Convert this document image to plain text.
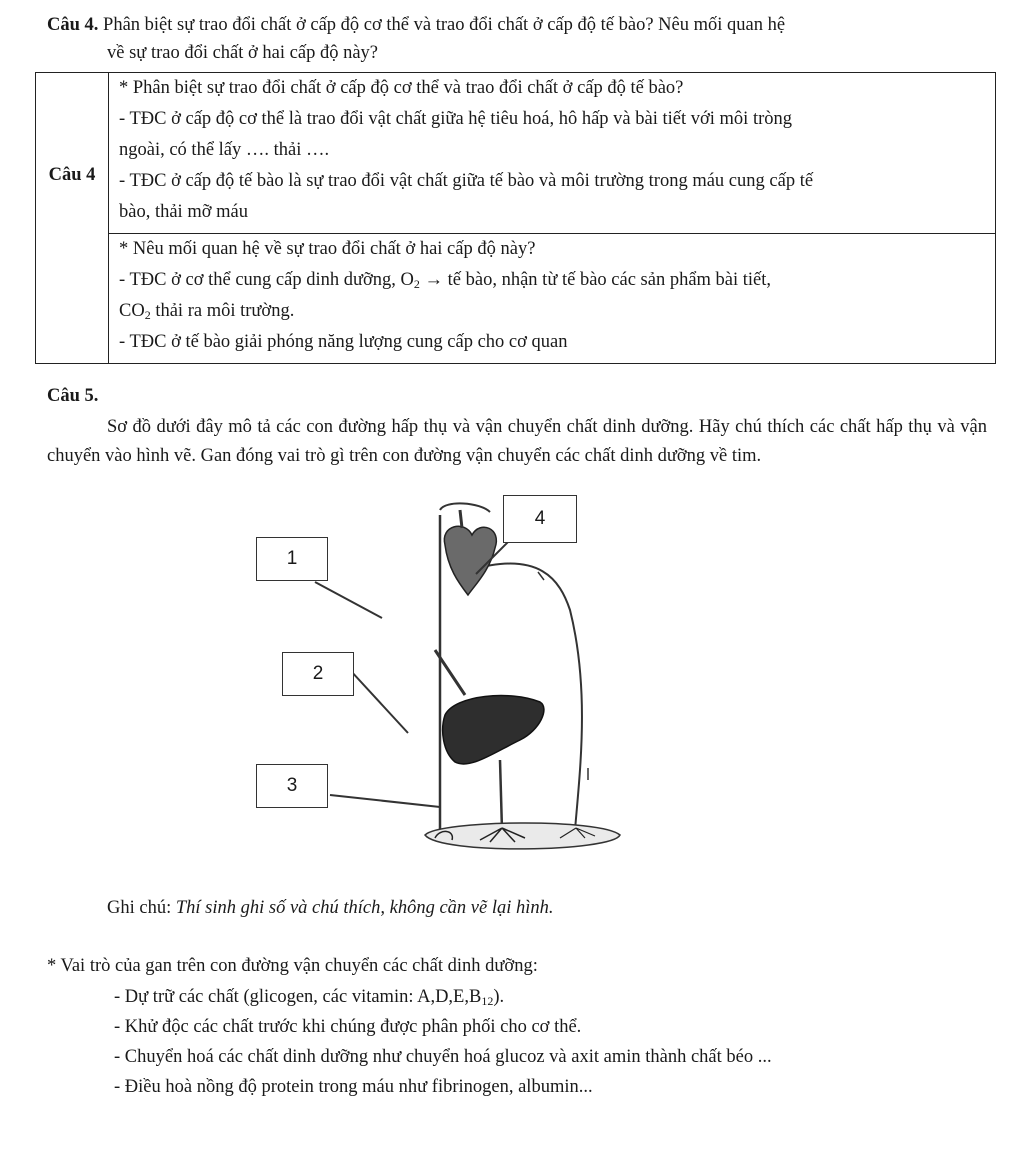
Câu 4. Phân biệt sự trao đổi chất ở cấp độ cơ thể và trao đổi chất ở cấp độ tế bào? Nêu mối quan hệ
về sự trao đổi chất ở hai cấp độ này?
Câu 4	
* Phân biệt sự trao đổi chất ở cấp độ cơ thể và trao đổi chất ở cấp độ tế bào?
- TĐC ở cấp độ cơ thể là trao đổi vật chất giữa hệ tiêu hoá, hô hấp và bài tiết với môi tròng
ngoài, có thể lấy …. thải ….
- TĐC ở cấp độ tế bào là sự trao đổi vật chất giữa tế bào và môi trường trong máu cung cấp tế
bào, thải mỡ máu

* Nêu mối quan hệ về sự trao đổi chất ở hai cấp độ này?
- TĐC ở cơ thể cung cấp dinh dưỡng, $O_2$ → tế bào, nhận từ tế bào các sản phẩm bài tiết,
$CO_2$ thải ra môi trường.
- TĐC ở tế bào giải phóng năng lượng cung cấp cho cơ quan
Câu 5.
Sơ đồ dưới đây mô tả các con đường hấp thụ và vận chuyển chất dinh dưỡng. Hãy chú thích các chất hấp thụ và vận chuyển vào hình vẽ. Gan đóng vai trò gì trên con đường vận chuyển các chất dinh dưỡng về tim.
1
2
3
4
Ghi chú: Thí sinh ghi số và chú thích, không cần vẽ lại hình.
* Vai trò của gan trên con đường vận chuyển các chất dinh dưỡng:
- Dự trữ các chất (glicogen, các vitamin: $A,D,E,B_{12}$).
- Khử độc các chất trước khi chúng được phân phối cho cơ thể.
- Chuyển hoá các chất dinh dưỡng như chuyển hoá glucoz và axit amin thành chất béo ...
- Điều hoà nồng độ protein trong máu như fibrinogen, albumin...
